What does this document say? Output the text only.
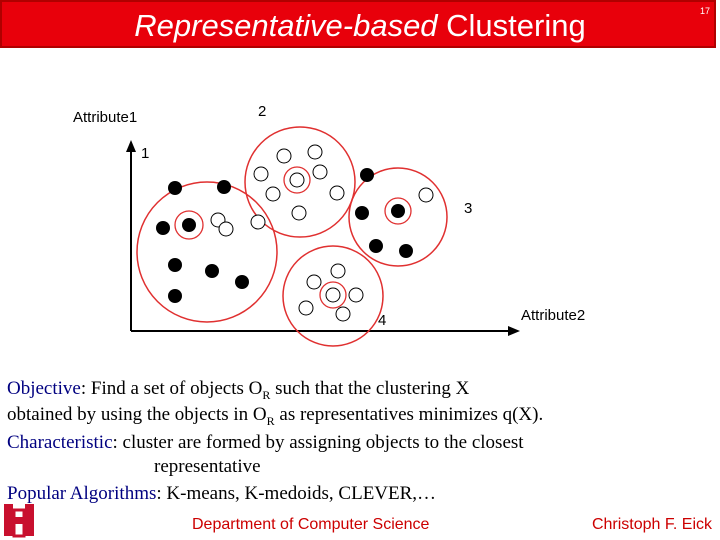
Representative-based Clustering	17
Attribute1
1
2
3
4	Attribute2
Objective: Find a set of objects $O_R$ such that the clustering X
obtained by using the objects in $O_R$ as representatives minimizes q(X).
Characteristic: cluster are formed by assigning objects to the closest
representative
Popular Algorithms: K-means, K-medoids, CLEVER,…
Department of Computer Science	Christoph F. Eick
